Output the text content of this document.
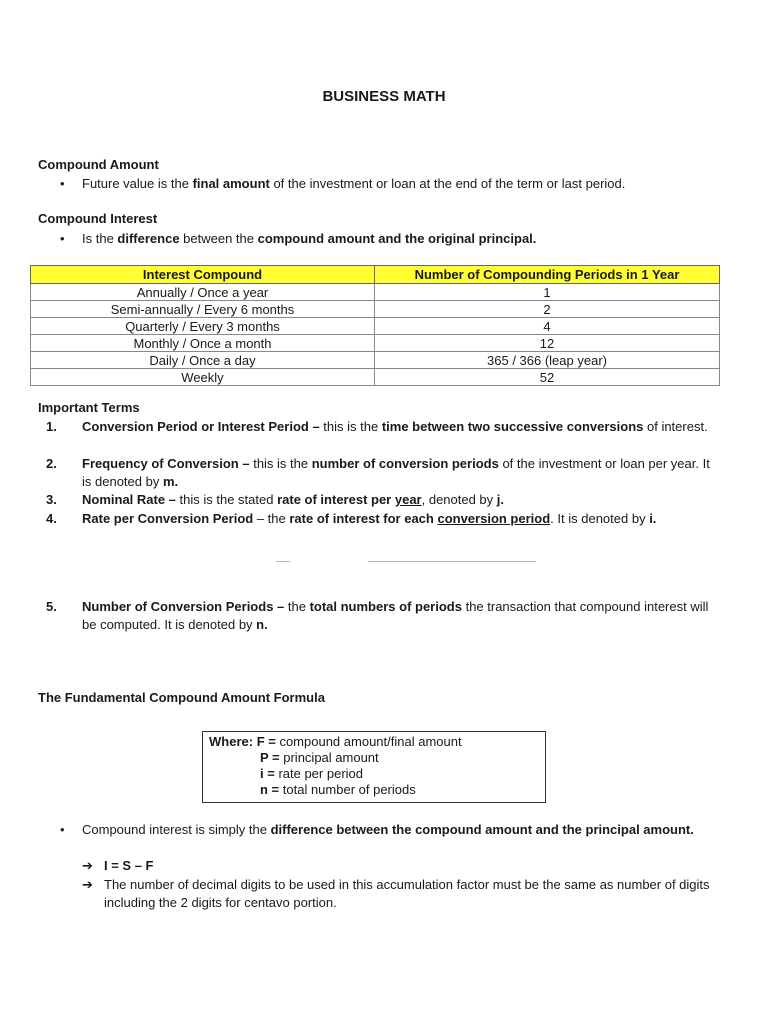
BUSINESS MATH
Compound Amount
• Future value is the final amount of the investment or loan at the end of the term or last period.
Compound Interest
• Is the difference between the compound amount and the original principal.
Interest Compound	Number of Compounding Periods in 1 Year
Annually / Once a year	1
Semi-annually / Every 6 months	2
Quarterly / Every 3 months	4
Monthly / Once a month	12
Daily / Once a day	365 / 366 (leap year)
Weekly	52
Important Terms
1. Conversion Period or Interest Period – this is the time between two successive conversions of interest.
2. Frequency of Conversion – this is the number of conversion periods of the investment or loan per year. It is denoted by m.
3. Nominal Rate – this is the stated rate of interest per year, denoted by j.
4. Rate per Conversion Period – the rate of interest for each conversion period. It is denoted by i.
5. Number of Conversion Periods – the total numbers of periods the transaction that compound interest will be computed. It is denoted by n.
The Fundamental Compound Amount Formula
Where: F = compound amount/final amount
P = principal amount
i = rate per period
n = total number of periods
• Compound interest is simply the difference between the compound amount and the principal amount.
➔ I = S – F
➔ The number of decimal digits to be used in this accumulation factor must be the same as number of digits including the 2 digits for centavo portion.
